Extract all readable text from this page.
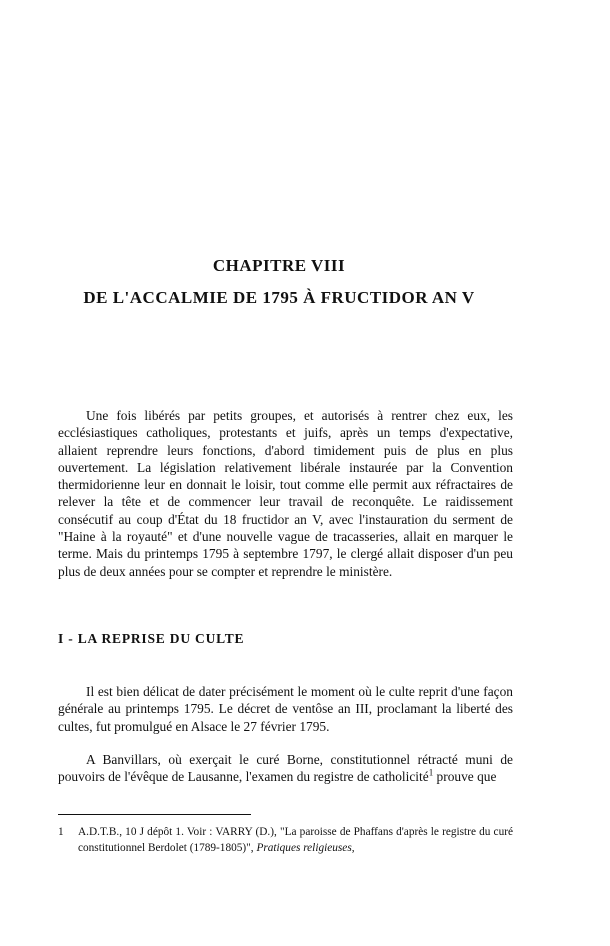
CHAPITRE VIII
DE L'ACCALMIE DE 1795 À FRUCTIDOR AN V

Une fois libérés par petits groupes, et autorisés à rentrer chez eux, les ecclésiastiques catholiques, protestants et juifs, après un temps d'expectative, allaient reprendre leurs fonctions, d'abord timidement puis de plus en plus ouvertement. La législation relativement libérale instaurée par la Convention thermidorienne leur en donnait le loisir, tout comme elle permit aux réfractaires de relever la tête et de commencer leur travail de reconquête. Le raidissement consécutif au coup d'État du 18 fructidor an V, avec l'instauration du serment de "Haine à la royauté" et d'une nouvelle vague de tracasseries, allait en marquer le terme. Mais du printemps 1795 à septembre 1797, le clergé allait disposer d'un peu plus de deux années pour se compter et reprendre le ministère.

I - LA REPRISE DU CULTE

Il est bien délicat de dater précisément le moment où le culte reprit d'une façon générale au printemps 1795. Le décret de ventôse an III, proclamant la liberté des cultes, fut promulgué en Alsace le 27 février 1795.

A Banvillars, où exerçait le curé Borne, constitutionnel rétracté muni de pouvoirs de l'évêque de Lausanne, l'examen du registre de catholicité$^1$ prouve que

1 A.D.T.B., 10 J dépôt 1. Voir : VARRY (D.), "La paroisse de Phaffans d'après le registre du curé constitutionnel Berdolet (1789-1805)", Pratiques religieuses,
